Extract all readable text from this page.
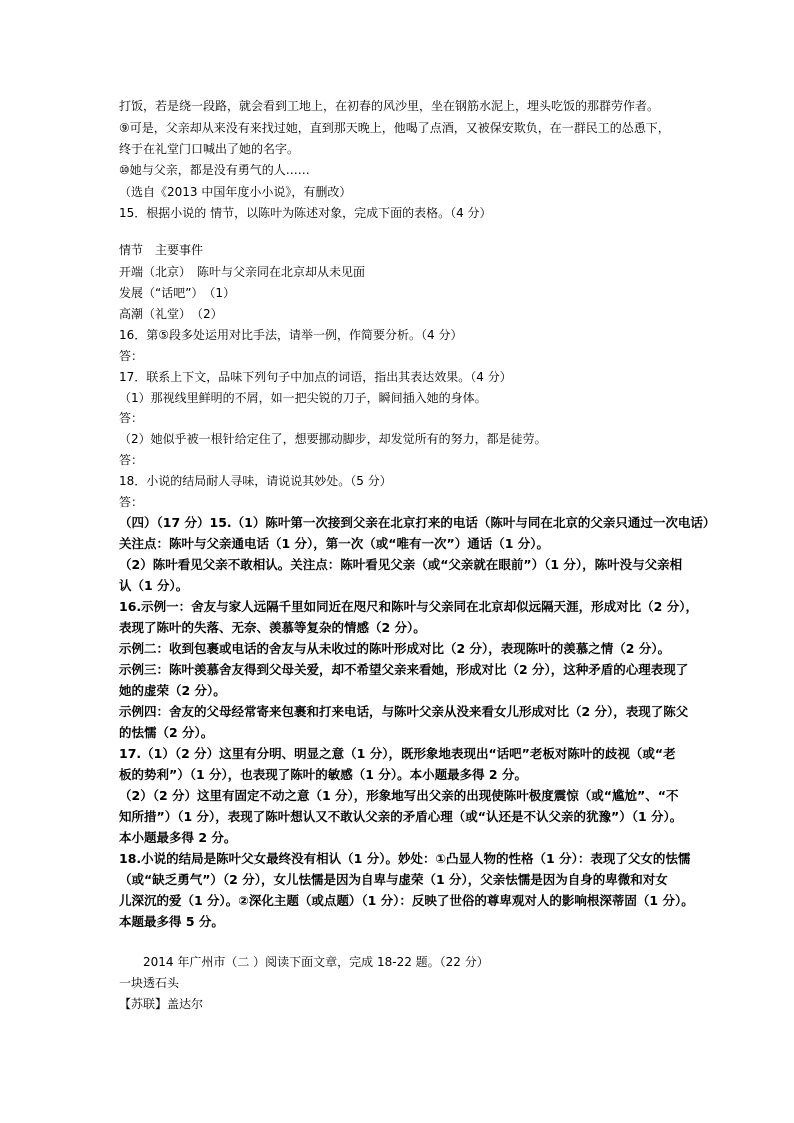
打饭，若是绕一段路，就会看到工地上，在初春的风沙里，坐在钢筋水泥上，埋头吃饭的那群劳作者。
⑨可是，父亲却从来没有来找过她，直到那天晚上，他喝了点酒，又被保安欺负，在一群民工的怂恿下，
终于在礼堂门口喊出了她的名字。
⑩她与父亲，都是没有勇气的人……
（选自《2013 中国年度小小说》，有删改）
15．根据小说的 情节，以陈叶为陈述对象，完成下面的表格。（4 分）
情节　主要事件
开端（北京）　陈叶与父亲同在北京却从未见面
发展（“话吧”）　（1）
高潮（礼堂）　（2）
16．第⑤段多处运用对比手法，请举一例，作简要分析。（4 分）
答：
17．联系上下文，品味下列句子中加点的词语，指出其表达效果。（4 分）
（1）那视线里鲜明的不屑，如一把尖锐的刀子，瞬间插入她的身体。
答：
（2）她似乎被一根针给定住了，想要挪动脚步，却发觉所有的努力，都是徒劳。
答：
18．小说的结局耐人寻味，请说说其妙处。（5 分）
答：
（四）（17 分）15.（1）陈叶第一次接到父亲在北京打来的电话（陈叶与同在北京的父亲只通过一次电话）
关注点：陈叶与父亲通电话（1 分），第一次（或“唯有一次”）通话（1 分）。
（2）陈叶看见父亲不敢相认。关注点：陈叶看见父亲（或“父亲就在眼前”）（1 分），陈叶没与父亲相
认（1 分）。
16.示例一：舍友与家人远隔千里如同近在咫尺和陈叶与父亲同在北京却似远隔天涯，形成对比（2 分），
表现了陈叶的失落、无奈、羡慕等复杂的情感（2 分）。
示例二：收到包裹或电话的舍友与从未收过的陈叶形成对比（2 分），表现陈叶的羡慕之情（2 分）。
示例三：陈叶羡慕舍友得到父母关爱，却不希望父亲来看她，形成对比（2 分），这种矛盾的心理表现了
她的虚荣（2 分）。
示例四：舍友的父母经常寄来包裹和打来电话，与陈叶父亲从没来看女儿形成对比（2 分），表现了陈父
的怯懦（2 分）。
17.（1）（2 分）这里有分明、明显之意（1 分），既形象地表现出“话吧”老板对陈叶的歧视（或“老
板的势利”）（1 分），也表现了陈叶的敏感（1 分）。本小题最多得 2 分。
（2）（2 分）这里有固定不动之意（1 分），形象地写出父亲的出现使陈叶极度震惊（或“尴尬”、“不
知所措”）（1 分），表现了陈叶想认又不敢认父亲的矛盾心理（或“认还是不认父亲的犹豫”）（1 分）。
本小题最多得 2 分。
18.小说的结局是陈叶父女最终没有相认（1 分）。妙处：①凸显人物的性格（1 分）：表现了父女的怯懦
（或“缺乏勇气”）（2 分），女儿怯懦是因为自卑与虚荣（1 分），父亲怯懦是因为自身的卑微和对女
儿深沉的爱（1 分）。②深化主题（或点题）（1 分）：反映了世俗的尊卑观对人的影响根深蒂固（1 分）。
本题最多得 5 分。
2014 年广州市（二 ）阅读下面文章，完成 18-22 题。（22 分）
一块透石头
【苏联】盖达尔
